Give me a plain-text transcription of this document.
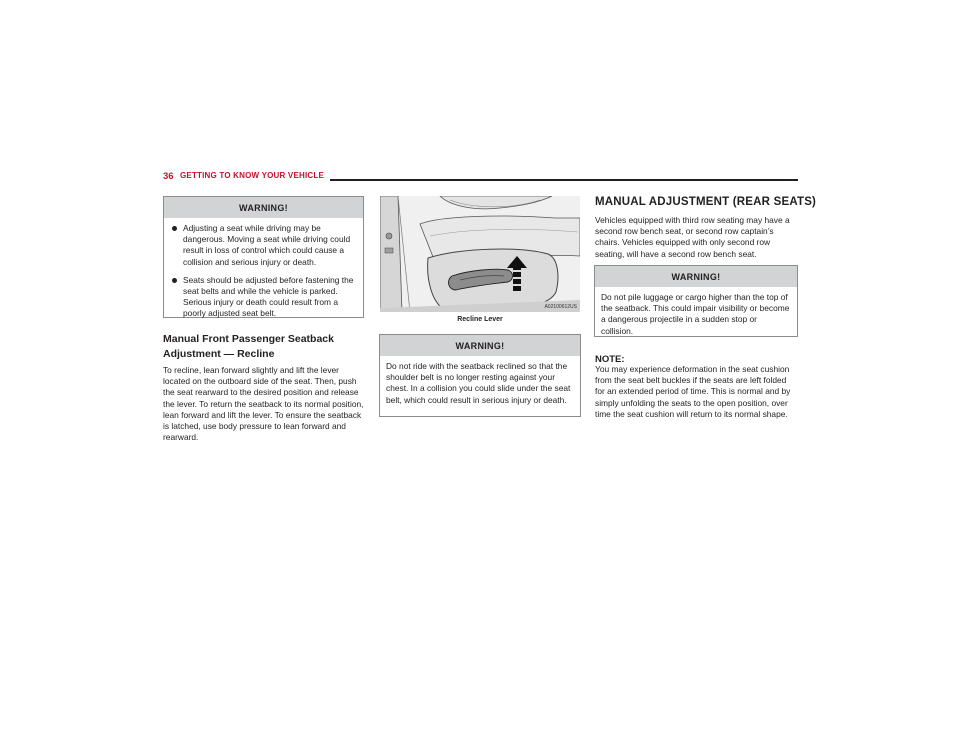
36 GETTING TO KNOW YOUR VEHICLE
WARNING!
Adjusting a seat while driving may be dangerous. Moving a seat while driving could result in loss of control which could cause a collision and serious injury or death.
Seats should be adjusted before fastening the seat belts and while the vehicle is parked. Serious injury or death could result from a poorly adjusted seat belt.
Manual Front Passenger Seatback
Adjustment — Recline
To recline, lean forward slightly and lift the lever located on the outboard side of the seat. Then, push the seat rearward to the desired position and release the lever. To return the seatback to its normal position, lean forward and lift the lever. To ensure the seatback is latched, use body pressure to lean forward and rearward.
A02100612US
Recline Lever
WARNING!
Do not ride with the seatback reclined so that the shoulder belt is no longer resting against your chest. In a collision you could slide under the seat belt, which could result in serious injury or death.
MANUAL ADJUSTMENT (REAR SEATS)
Vehicles equipped with third row seating may have a second row bench seat, or second row captain’s chairs. Vehicles equipped with only second row seating, will have a second row bench seat.
WARNING!
Do not pile luggage or cargo higher than the top of the seatback. This could impair visibility or become a dangerous projectile in a sudden stop or collision.
NOTE:
You may experience deformation in the seat cushion from the seat belt buckles if the seats are left folded for an extended period of time. This is normal and by simply unfolding the seats to the open position, over time the seat cushion will return to its normal shape.
